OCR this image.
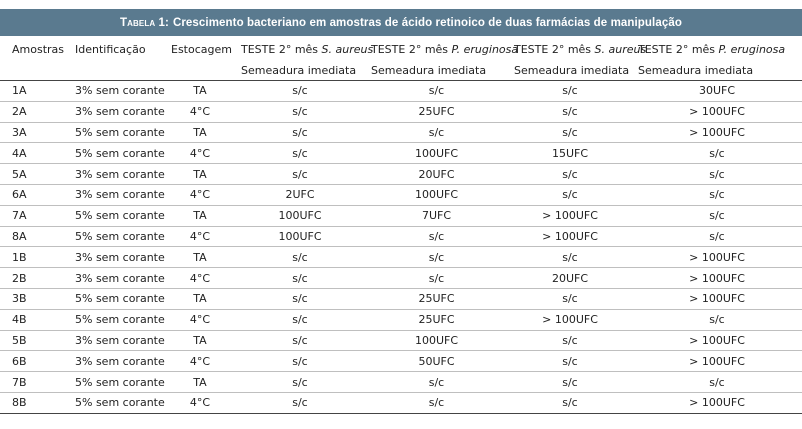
Tabela 1: Crescimento bacteriano em amostras de ácido retinoico de duas farmácias de manipulação
Amostras	Identificação	Estocagem	TESTE 2° mês S. aureus	TESTE 2° mês P. eruginosa	TESTE 2° mês S. aureus	TESTE 2° mês P. eruginosa
			Semeadura imediata	Semeadura imediata	Semeadura imediata	Semeadura imediata
1A	3% sem corante	TA	s/c	s/c	s/c	30UFC
2A	3% sem corante	4°C	s/c	25UFC	s/c	> 100UFC
3A	5% sem corante	TA	s/c	s/c	s/c	> 100UFC
4A	5% sem corante	4°C	s/c	100UFC	15UFC	s/c
5A	3% sem corante	TA	s/c	20UFC	s/c	s/c
6A	3% sem corante	4°C	2UFC	100UFC	s/c	s/c
7A	5% sem corante	TA	100UFC	7UFC	> 100UFC	s/c
8A	5% sem corante	4°C	100UFC	s/c	> 100UFC	s/c
1B	3% sem corante	TA	s/c	s/c	s/c	> 100UFC
2B	3% sem corante	4°C	s/c	s/c	20UFC	> 100UFC
3B	5% sem corante	TA	s/c	25UFC	s/c	> 100UFC
4B	5% sem corante	4°C	s/c	25UFC	> 100UFC	s/c
5B	3% sem corante	TA	s/c	100UFC	s/c	> 100UFC
6B	3% sem corante	4°C	s/c	50UFC	s/c	> 100UFC
7B	5% sem corante	TA	s/c	s/c	s/c	s/c
8B	5% sem corante	4°C	s/c	s/c	s/c	> 100UFC
